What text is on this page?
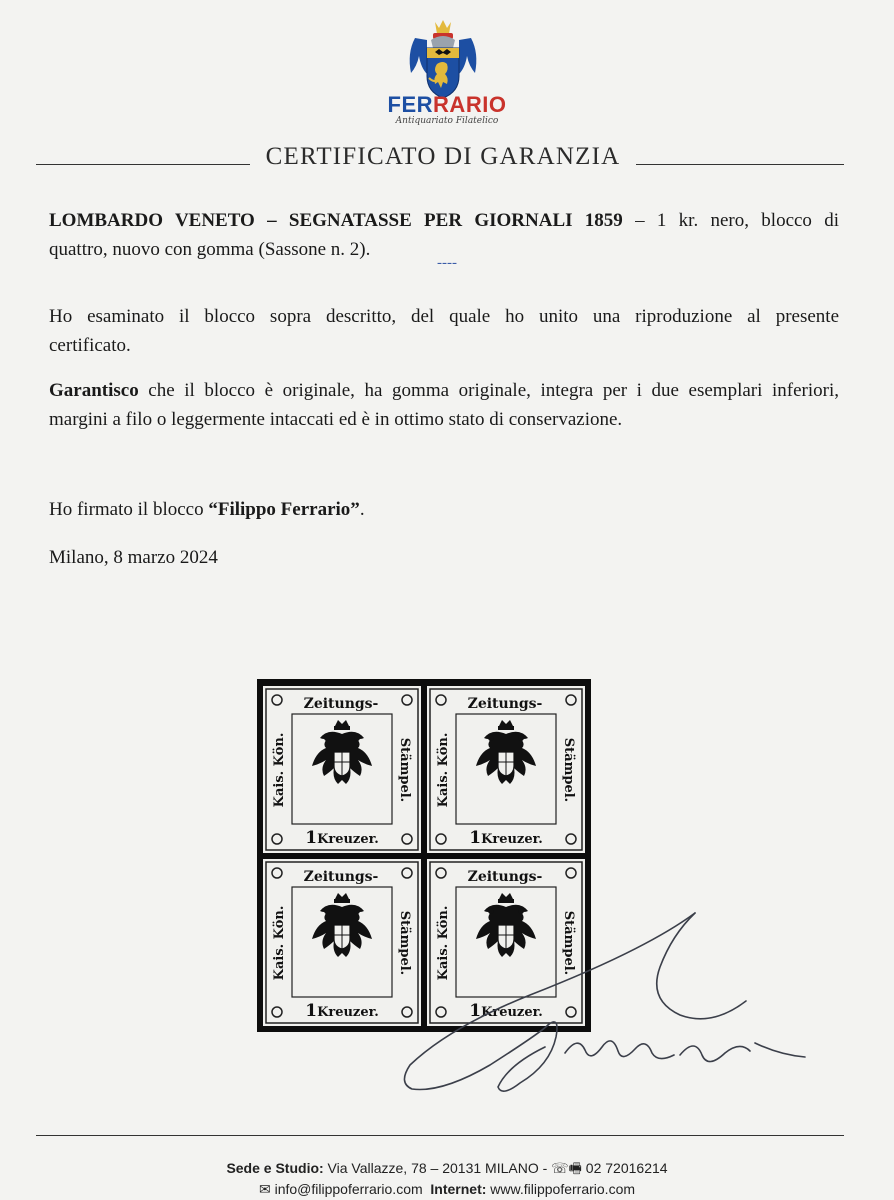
FERRARIO
Antiquariato Filatelico
CERTIFICATO DI GARANZIA
LOMBARDO VENETO – SEGNATASSE PER GIORNALI 1859 – 1 kr. nero, blocco di
quattro, nuovo con gomma (Sassone n. 2).
----
Ho esaminato il blocco sopra descritto, del quale ho unito una riproduzione al presente
certificato.
Garantisco che il blocco è originale, ha gomma originale, integra per i due esemplari inferiori,
margini a filo o leggermente intaccati ed è in ottimo stato di conservazione.
Ho firmato il blocco “Filippo Ferrario”.
Milano, 8 marzo 2024
Zeitungs-
Kais. Kön.	Stämpel.
1Kreuzer.
Zeitungs-
Kais. Kön.	Stämpel.
1Kreuzer.
Zeitungs-
Kais. Kön.	Stämpel.
1Kreuzer.
Zeitungs-
Kais. Kön.	Stämpel.
1Kreuzer.
Sede e Studio: Via Vallazze, 78 – 20131 MILANO - ☏🖷 02 72016214
✉ info@filippoferrario.com Internet: www.filippoferrario.com
